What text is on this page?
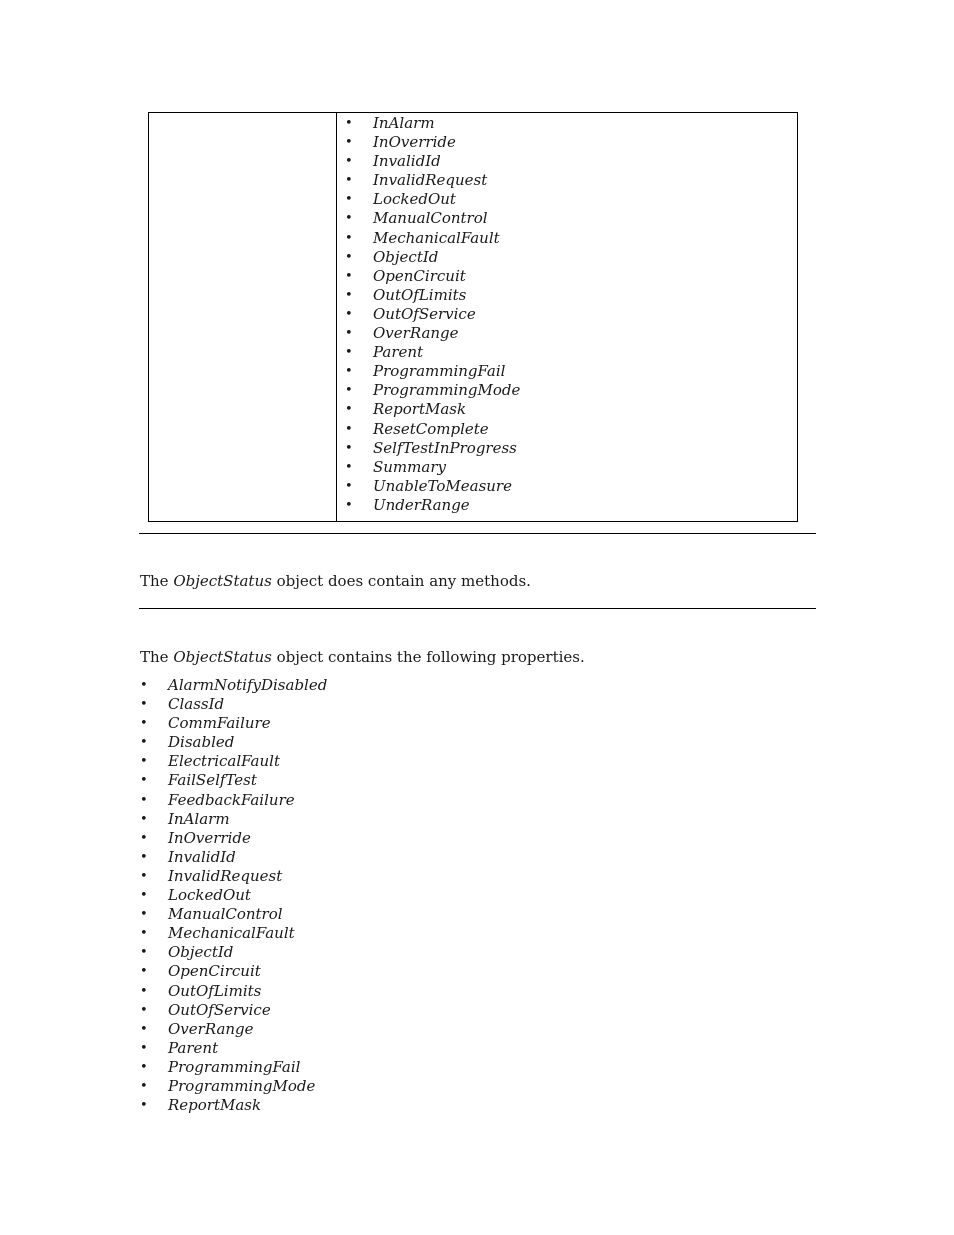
• InAlarm
• InOverride
• InvalidId
• InvalidRequest
• LockedOut
• ManualControl
• MechanicalFault
• ObjectId
• OpenCircuit
• OutOfLimits
• OutOfService
• OverRange
• Parent
• ProgrammingFail
• ProgrammingMode
• ReportMask
• ResetComplete
• SelfTestInProgress
• Summary
• UnableToMeasure
• UnderRange
The ObjectStatus object does contain any methods.
The ObjectStatus object contains the following properties.
• AlarmNotifyDisabled
• ClassId
• CommFailure
• Disabled
• ElectricalFault
• FailSelfTest
• FeedbackFailure
• InAlarm
• InOverride
• InvalidId
• InvalidRequest
• LockedOut
• ManualControl
• MechanicalFault
• ObjectId
• OpenCircuit
• OutOfLimits
• OutOfService
• OverRange
• Parent
• ProgrammingFail
• ProgrammingMode
• ReportMask
